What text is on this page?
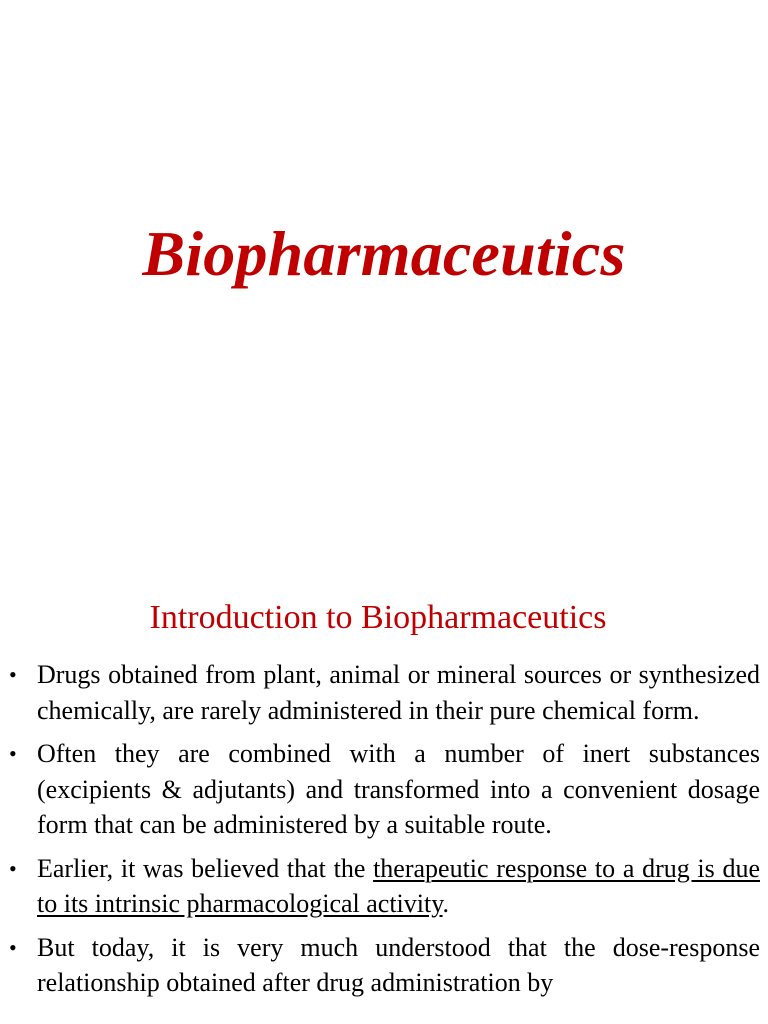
Biopharmaceutics
Introduction to Biopharmaceutics
• Drugs obtained from plant, animal or mineral sources or synthesized chemically, are rarely administered in their pure chemical form.
• Often they are combined with a number of inert substances (excipients & adjutants) and transformed into a convenient dosage form that can be administered by a suitable route.
• Earlier, it was believed that the therapeutic response to a drug is due to its intrinsic pharmacological activity.
• But today, it is very much understood that the dose-response relationship obtained after drug administration by
